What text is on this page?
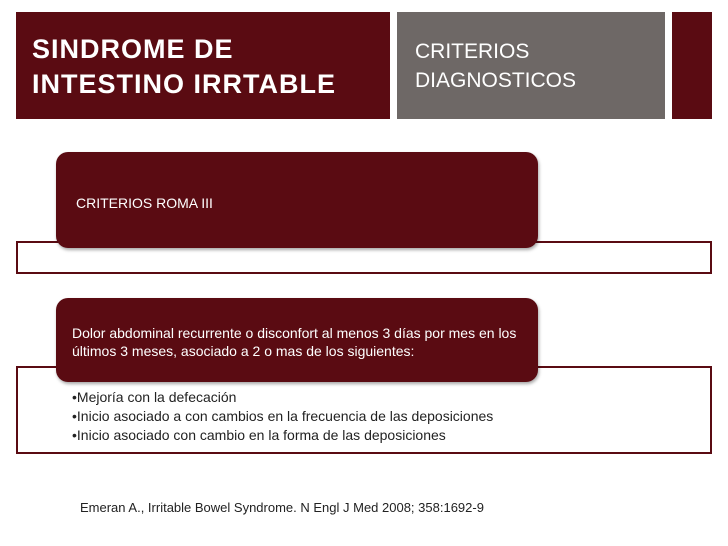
SINDROME DE
INTESTINO IRRTABLE
CRITERIOS
DIAGNOSTICOS
CRITERIOS ROMA III
• Mejoría con la defecación
• Inicio asociado a con cambios en la frecuencia de las deposiciones
• Inicio asociado con cambio en la forma de las deposiciones
Dolor abdominal recurrente o disconfort al menos 3 días por mes en los últimos 3 meses, asociado a 2 o mas de los siguientes:
Emeran A., Irritable Bowel Syndrome. N Engl J Med 2008; 358:1692-9
